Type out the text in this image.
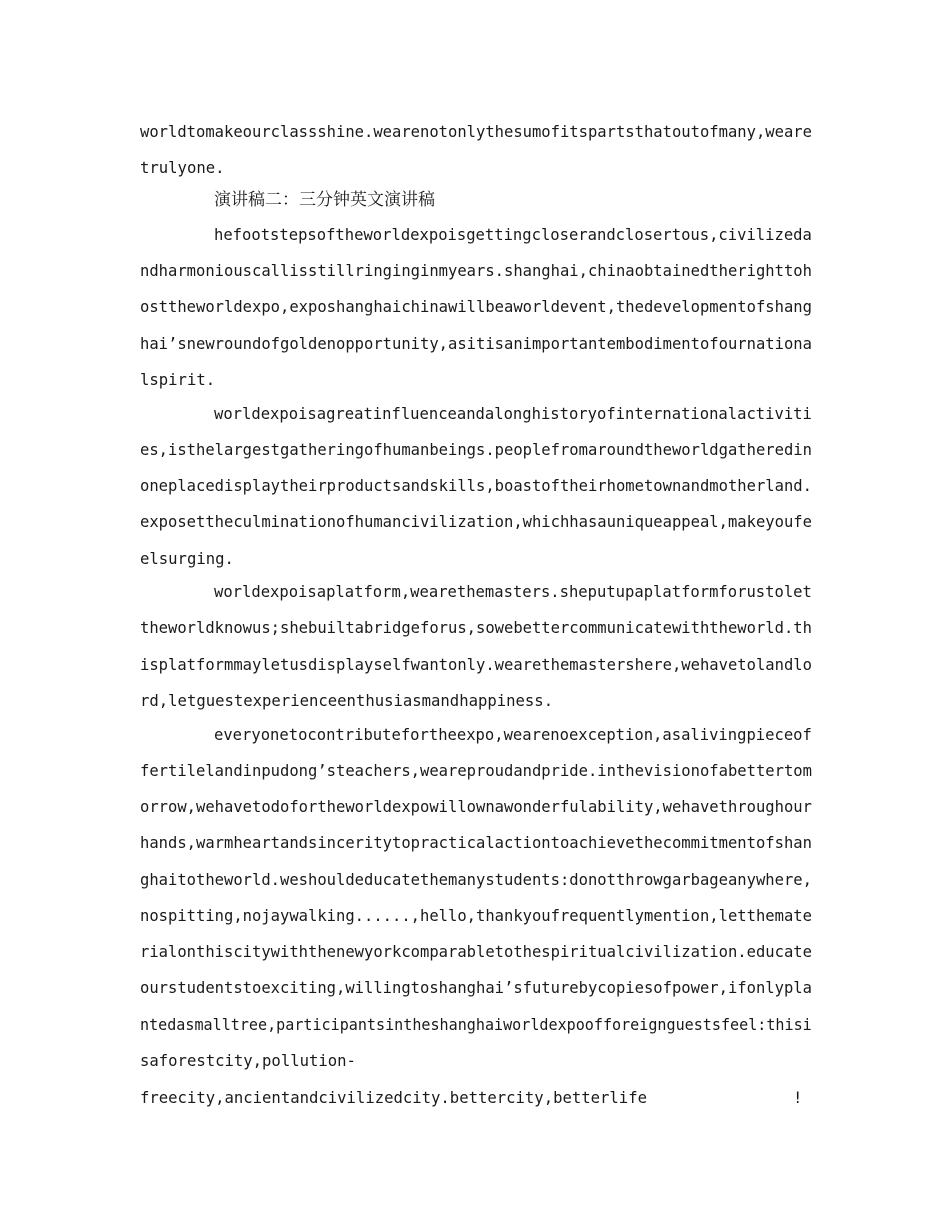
worldtomakeourclassshine.wearenotonlythesumofitspartsthatoutofmany,weare
trulyone.
演讲稿二：三分钟英文演讲稿
hefootstepsoftheworldexpoisgettingcloserandclosertous,civilizeda
ndharmoniouscallisstillringinginmyears.shanghai,chinaobtainedtherighttoh
osttheworldexpo,exposhanghaichinawillbeaworldevent,thedevelopmentofshang
hai’snewroundofgoldenopportunity,asitisanimportantembodimentofournationa
lspirit.
worldexpoisagreatinfluenceandalonghistoryofinternationalactiviti
es,isthelargestgatheringofhumanbeings.peoplefromaroundtheworldgatheredin
oneplacedisplaytheirproductsandskills,boastoftheirhometownandmotherland.
exposettheculminationofhumancivilization,whichhasauniqueappeal,makeyoufe
elsurging.
worldexpoisaplatform,wearethemasters.sheputupaplatformforustolet
theworldknowus;shebuiltabridgeforus,sowebettercommunicatewiththeworld.th
isplatformmayletusdisplayselfwantonly.wearethemastershere,wehavetolandlo
rd,letguestexperienceenthusiasmandhappiness.
everyonetocontributefortheexpo,wearenoexception,asalivingpieceof
fertilelandinpudong’steachers,weareproudandpride.inthevisionofabettertom
orrow,wehavetodofortheworldexpowillownawonderfulability,wehavethroughour
hands,warmheartandsinceritytopracticalactiontoachievethecommitmentofshan
ghaitotheworld.weshouldeducatethemanystudents:donotthrowgarbageanywhere,
nospitting,nojaywalking......,hello,thankyoufrequentlymention,letthemate
rialonthiscitywiththenewyorkcomparabletothespiritualcivilization.educate
ourstudentstoexciting,willingtoshanghai’sfuturebycopiesofpower,ifonlypla
ntedasmalltree,participantsintheshanghaiworldexpoofforeignguestsfeel:thisi
saforestcity,pollution-
freecity,ancientandcivilizedcity.bettercity,betterlife	!
